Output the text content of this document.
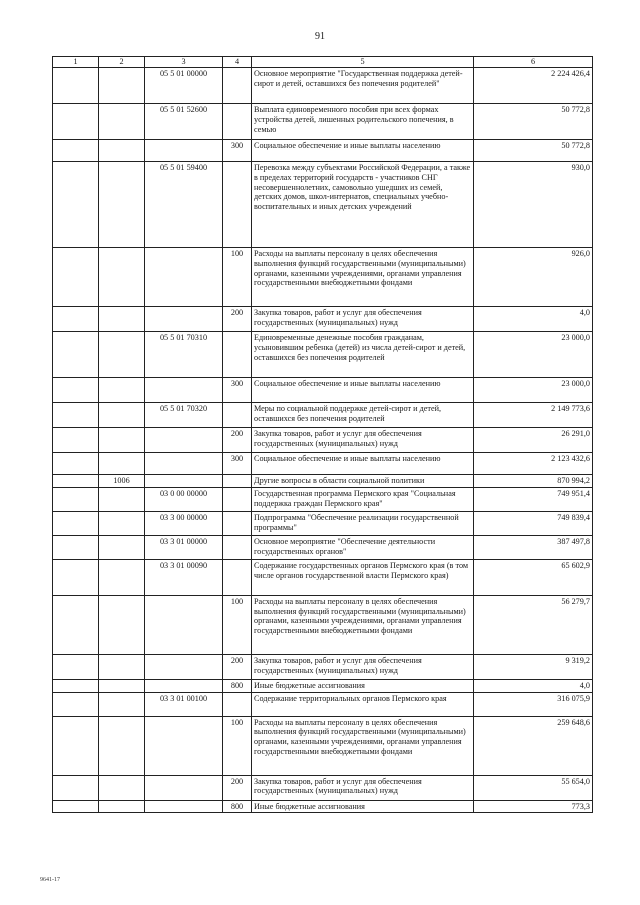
91
1	2	3	4	5	6
		05 5 01 00000		Основное мероприятие "Государственная поддержка детей-сирот и детей, оставшихся без попечения родителей"	2 224 426,4
		05 5 01 52600		Выплата единовременного пособия при всех формах устройства детей, лишенных родительского попечения, в семью	50 772,8
			300	Социальное обеспечение и иные выплаты населению	50 772,8
		05 5 01 59400		Перевозка между субъектами Российской Федерации, а также в пределах территорий государств - участников СНГ несовершеннолетних, самовольно ушедших из семей, детских домов, школ-интернатов, специальных учебно-воспитательных и иных детских учреждений	930,0
			100	Расходы на выплаты персоналу в целях обеспечения выполнения функций государственными (муниципальными) органами, казенными учреждениями, органами управления государственными внебюджетными фондами	926,0
			200	Закупка товаров, работ и услуг для обеспечения государственных (муниципальных) нужд	4,0
		05 5 01 70310		Единовременные денежные пособия гражданам, усыновившим ребенка (детей) из числа детей-сирот и детей, оставшихся без попечения родителей	23 000,0
			300	Социальное обеспечение и иные выплаты населению	23 000,0
		05 5 01 70320		Меры по социальной поддержке детей-сирот и детей, оставшихся без попечения родителей	2 149 773,6
			200	Закупка товаров, работ и услуг для обеспечения государственных (муниципальных) нужд	26 291,0
			300	Социальное обеспечение и иные выплаты населению	2 123 432,6
	1006			Другие вопросы в области социальной политики	870 994,2
		03 0 00 00000		Государственная программа Пермского края "Социальная поддержка граждан Пермского края"	749 951,4
		03 3 00 00000		Подпрограмма "Обеспечение реализации государственной программы"	749 839,4
		03 3 01 00000		Основное мероприятие "Обеспечение деятельности государственных органов"	387 497,8
		03 3 01 00090		Содержание государственных органов Пермского края (в том числе органов государственной власти Пермского края)	65 602,9
			100	Расходы на выплаты персоналу в целях обеспечения выполнения функций государственными (муниципальными) органами, казенными учреждениями, органами управления государственными внебюджетными фондами	56 279,7
			200	Закупка товаров, работ и услуг для обеспечения государственных (муниципальных) нужд	9 319,2
			800	Иные бюджетные ассигнования	4,0
		03 3 01 00100		Содержание территориальных органов Пермского края	316 075,9
			100	Расходы на выплаты персоналу в целях обеспечения выполнения функций государственными (муниципальными) органами, казенными учреждениями, органами управления государственными внебюджетными фондами	259 648,6
			200	Закупка товаров, работ и услуг для обеспечения государственных (муниципальных) нужд	55 654,0
			800	Иные бюджетные ассигнования	773,3
9641-17
